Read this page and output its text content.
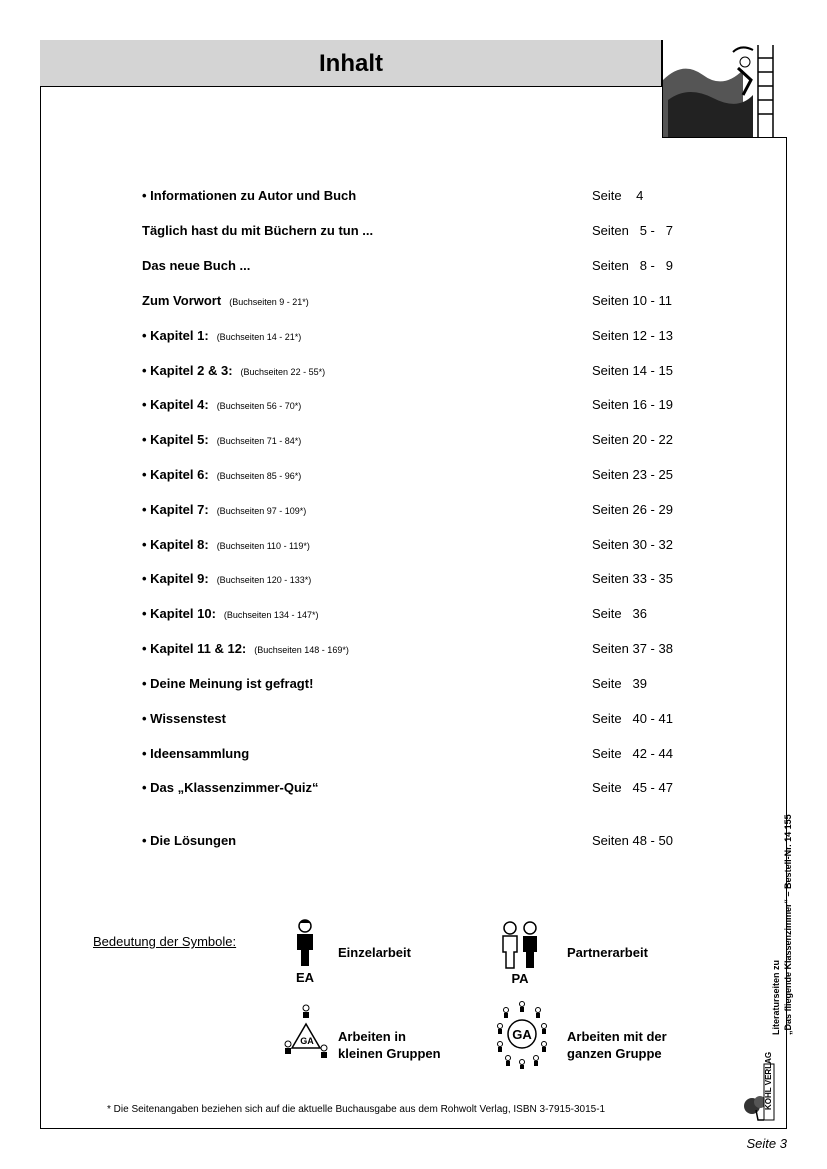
Inhalt
• Informationen zu Autor und Buch	Seite    4
Täglich hast du mit Büchern zu tun ...	Seiten   5 -   7
Das neue Buch ...	Seiten   8 -   9
Zum Vorwort (Buchseiten 9 - 21*)	Seiten 10 - 11
• Kapitel 1: (Buchseiten 14 - 21*)	Seiten 12 - 13
• Kapitel 2 & 3: (Buchseiten 22 - 55*)	Seiten 14 - 15
• Kapitel 4: (Buchseiten 56 - 70*)	Seiten 16 - 19
• Kapitel 5: (Buchseiten 71 - 84*)	Seiten 20 - 22
• Kapitel 6: (Buchseiten 85 - 96*)	Seiten 23 - 25
• Kapitel 7: (Buchseiten 97 - 109*)	Seiten 26 - 29
• Kapitel 8: (Buchseiten 110 - 119*)	Seiten 30 - 32
• Kapitel 9: (Buchseiten 120 - 133*)	Seiten 33 - 35
• Kapitel 10: (Buchseiten 134 - 147*)	Seite   36
• Kapitel 11 & 12: (Buchseiten 148 - 169*)	Seiten 37 - 38
• Deine Meinung ist gefragt!	Seite   39
• Wissenstest	Seite   40 - 41
• Ideensammlung	Seite   42 - 44
• Das „Klassenzimmer-Quiz“	Seite   45 - 47
• Die Lösungen	Seiten 48 - 50
Bedeutung der Symbole:
EA
Einzelarbeit
PA
Partnerarbeit
GA Arbeiten in
kleinen Gruppen
GA	Arbeiten mit der
ganzen Gruppe
* Die Seitenangaben beziehen sich auf die aktuelle Buchausgabe aus dem Rohwolt Verlag, ISBN 3-7915-3015-1
Literaturseiten zu „Das fliegende Klassenzimmer“ – Bestell-Nr. 14 155
KOHL VERLAG
Seite 3
